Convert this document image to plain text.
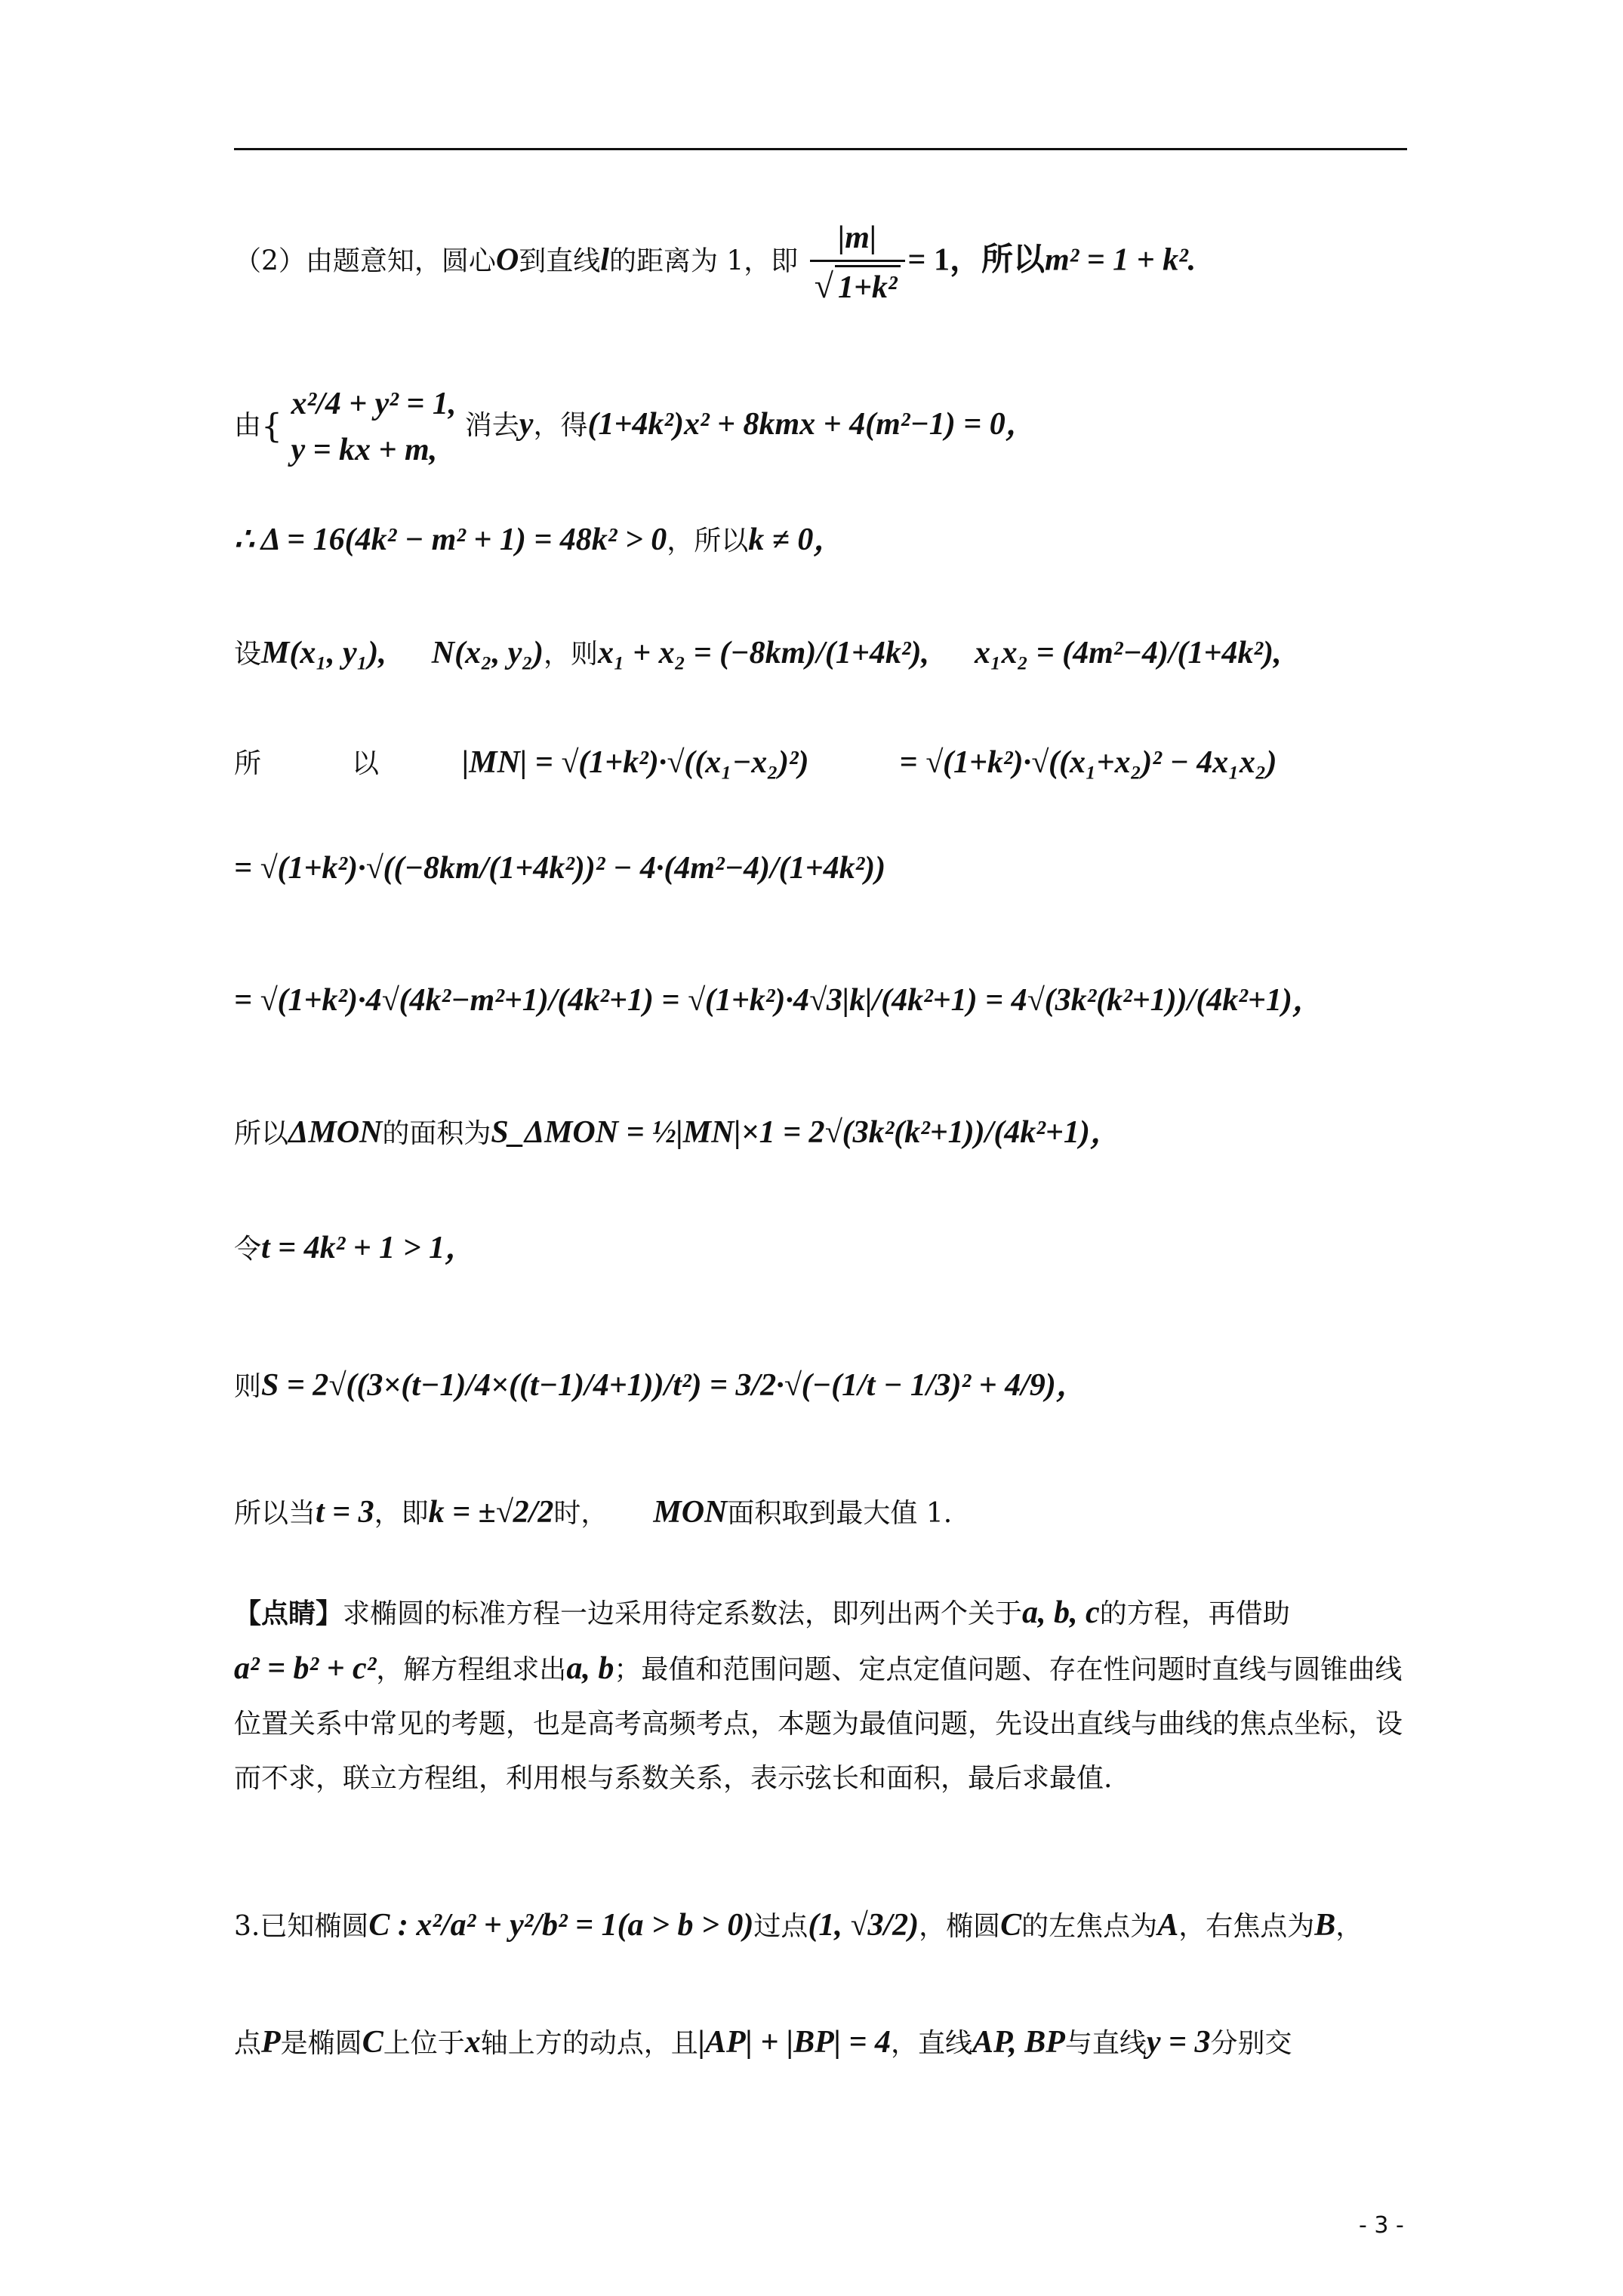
（2）由题意知，圆心O到直线l的距离为 1，即 $\frac{|m|}{\text{√ 1+k²}} = 1$，所以m² = 1 + k².
由{
x²/4 + y² = 1,
y = kx + m,
消去y，得(1+4k²)x² + 8kmx + 4(m²−1) = 0，
∴ Δ = 16(4k² − m² + 1) = 48k² > 0，所以k ≠ 0，
设M(x₁, y₁), N(x₂, y₂)，则x₁ + x₂ = (−8km)/(1+4k²), x₁x₂ = (4m²−4)/(1+4k²),
所	以	|MN| = √(1+k²)·√((x₁−x₂)²)	= √(1+k²)·√((x₁+x₂)² − 4x₁x₂)
= √(1+k²)·√((−8km/(1+4k²))² − 4·(4m²−4)/(1+4k²))
= √(1+k²)·4√(4k²−m²+1)/(4k²+1) = √(1+k²)·4√3|k|/(4k²+1) = 4√(3k²(k²+1))/(4k²+1)，
所以ΔMON的面积为S_ΔMON = ½|MN|×1 = 2√(3k²(k²+1))/(4k²+1)，
令t = 4k² + 1 > 1，
则S = 2√((3×(t−1)/4×((t−1)/4+1))/t²) = 3/2·√(−(1/t − 1/3)² + 4/9)，
所以当t = 3，即k = ±√2/2时， MON面积取到最大值 1.
【点睛】求椭圆的标准方程一边采用待定系数法，即列出两个关于a, b, c的方程，再借助
a² = b² + c²，解方程组求出a, b；最值和范围问题、定点定值问题、存在性问题时直线与圆锥曲线位置关系中常见的考题，也是高考高频考点，本题为最值问题，先设出直线与曲线的焦点坐标，设而不求，联立方程组，利用根与系数关系，表示弦长和面积，最后求最值.
3.已知椭圆C : x²/a² + y²/b² = 1(a > b > 0)过点(1, √3/2)，椭圆C的左焦点为A，右焦点为B，
点P是椭圆C上位于x轴上方的动点，且|AP| + |BP| = 4，直线AP, BP与直线y = 3分别交
- 3 -
